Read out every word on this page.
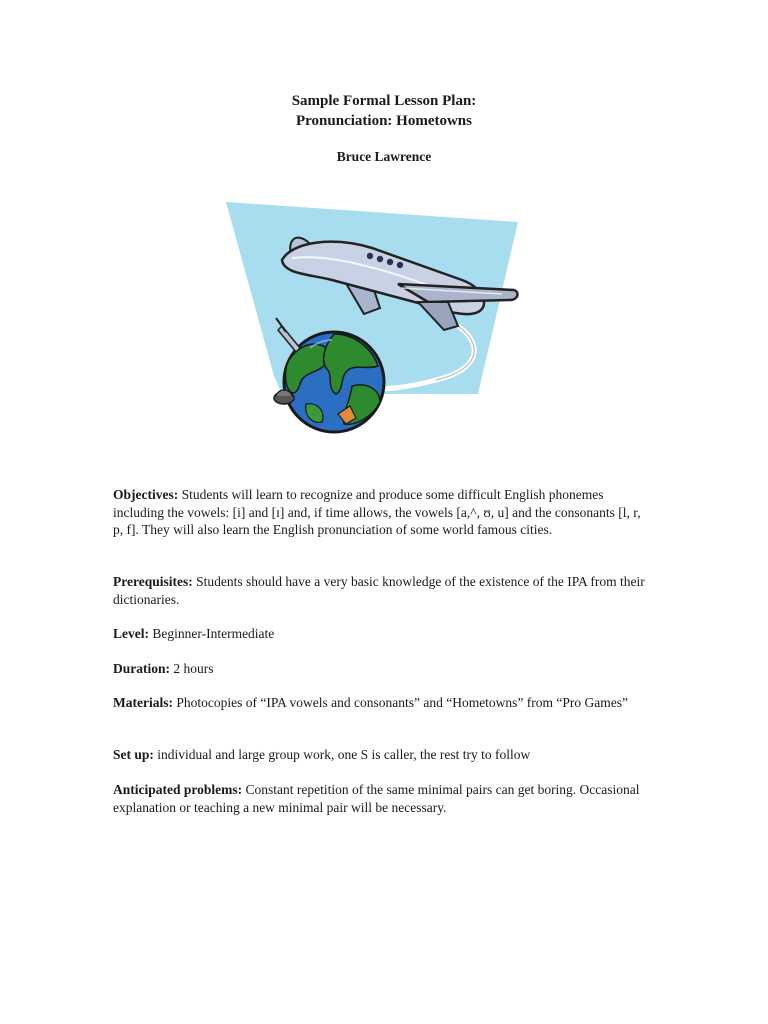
Sample Formal Lesson Plan:
Pronunciation: Hometowns
Bruce Lawrence
Objectives: Students will learn to recognize and produce some difficult English phonemes including the vowels: [i] and [ɪ] and, if time allows, the vowels [a,^, ʊ, u] and the consonants [l, r, p, f]. They will also learn the English pronunciation of some world famous cities.
Prerequisites: Students should have a very basic knowledge of the existence of the IPA from their dictionaries.
Level: Beginner-Intermediate
Duration: 2 hours
Materials: Photocopies of “IPA vowels and consonants” and “Hometowns” from “Pro Games”
Set up: individual and large group work, one S is caller, the rest try to follow
Anticipated problems: Constant repetition of the same minimal pairs can get boring. Occasional explanation or teaching a new minimal pair will be necessary.
